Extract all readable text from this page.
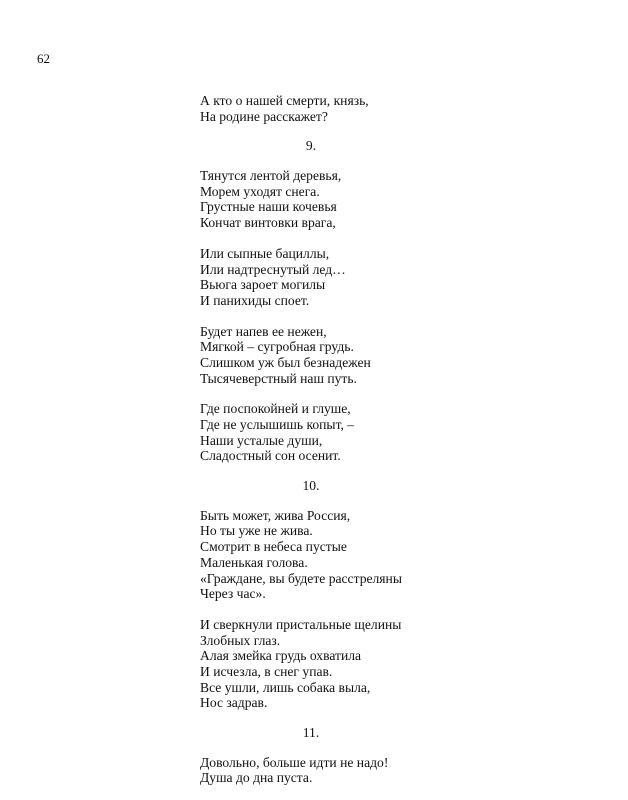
62
А кто о нашей смерти, князь,
На родине расскажет?
9.
Тянутся лентой деревья,
Морем уходят снега.
Грустные наши кочевья
Кончат винтовки врага,
Или сыпные бациллы,
Или надтреснутый лед…
Вьюга зароет могилы
И панихиды споет.
Будет напев ее нежен,
Мягкой – сугробная грудь.
Слишком уж был безнадежен
Тысячеверстный наш путь.
Где поспокойней и глуше,
Где не услышишь копыт, –
Наши усталые души,
Сладостный сон осенит.
10.
Быть может, жива Россия,
Но ты уже не жива.
Смотрит в небеса пустые
Маленькая голова.
«Граждане, вы будете расстреляны
Через час».
И сверкнули пристальные щелины
Злобных глаз.
Алая змейка грудь охватила
И исчезла, в снег упав.
Все ушли, лишь собака выла,
Нос задрав.
11.
Довольно, больше идти не надо!
Душа до дна пуста.
